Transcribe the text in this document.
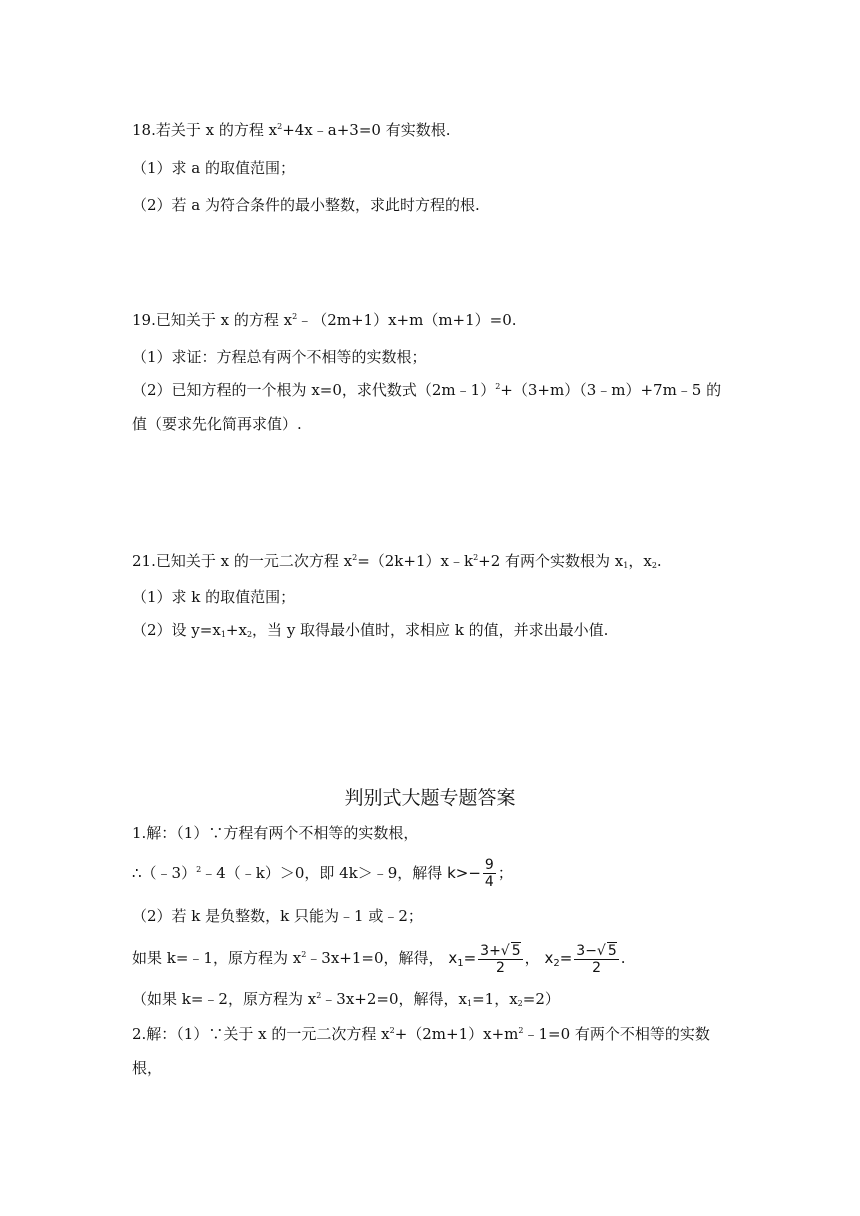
18.若关于 x 的方程 $x^2+4x﹣a+3=0$ 有实数根.
（1）求 a 的取值范围；
（2）若 a 为符合条件的最小整数，求此时方程的根.
19.已知关于 x 的方程 $x^2﹣(2m+1)x+m(m+1)=0$.
（1）求证：方程总有两个不相等的实数根；
（2）已知方程的一个根为 x=0，求代数式（2m﹣1）$^2$+（3+m）（3﹣m）+7m﹣5 的
值（要求先化简再求值）.
21.已知关于 x 的一元二次方程 $x^2=(2k+1)x﹣k^2+2$ 有两个实数根为 $x_1$，$x_2$.
（1）求 k 的取值范围；
（2）设 $y=x_1+x_2$，当 y 取得最小值时，求相应 k 的值，并求出最小值.
判别式大题专题答案
1.解：（1）∵方程有两个不相等的实数根，
∴（﹣3）$^2$﹣4（﹣k）＞0，即 4k＞﹣9，解得 $k>- \frac{9}{4}$ ；
（2）若 k 是负整数，k 只能为﹣1 或﹣2；
如果 k=﹣1，原方程为 $x^2﹣3x+1=0$，解得， $x_1= \frac{3+√ 5}{2}$ ， $x_2= \frac{3-√ 5}{2}$ .
（如果 k=﹣2，原方程为 $x^2﹣3x+2=0$，解得，$x_1=1$，$x_2=2$）
2.解：（1）∵关于 x 的一元二次方程 $x^2+(2m+1)x+m^2﹣1=0$ 有两个不相等的实数
根，
